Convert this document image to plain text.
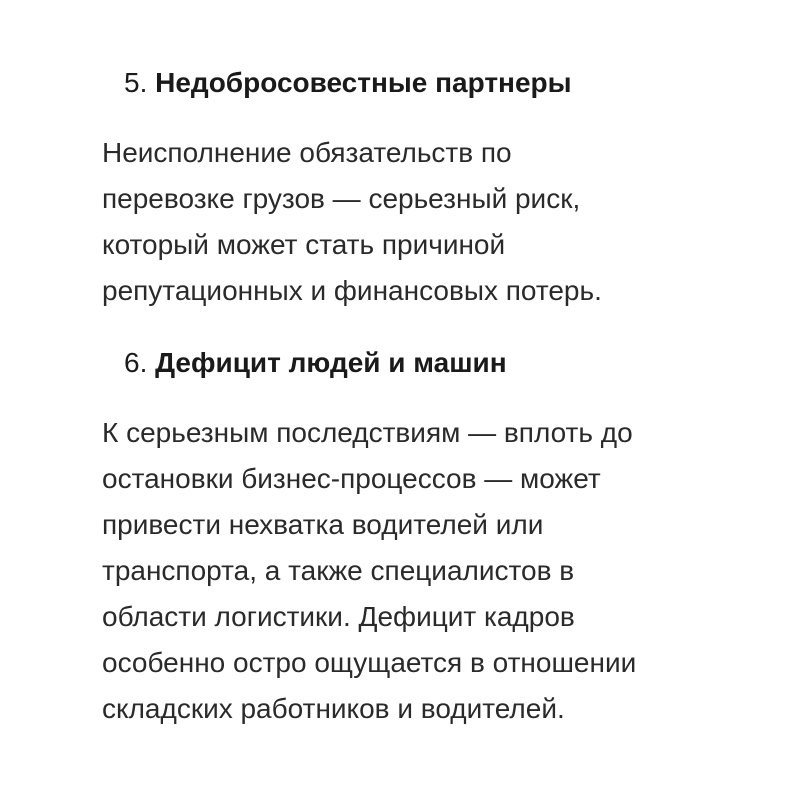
5. Недобросовестные партнеры

Неисполнение обязательств по
перевозке грузов — серьезный риск,
который может стать причиной
репутационных и финансовых потерь.

6. Дефицит людей и машин

К серьезным последствиям — вплоть до
остановки бизнес-процессов — может
привести нехватка водителей или
транспорта, а также специалистов в
области логистики. Дефицит кадров
особенно остро ощущается в отношении
складских работников и водителей.
